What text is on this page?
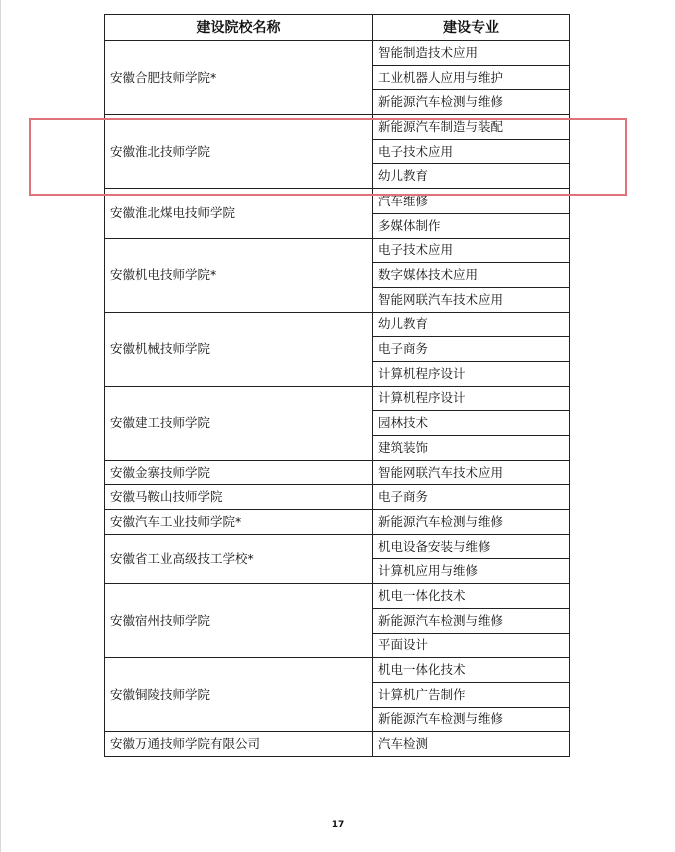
建设院校名称	建设专业
安徽合肥技师学院*	智能制造技术应用
	工业机器人应用与维护
	新能源汽车检测与维修
安徽淮北技师学院	新能源汽车制造与装配
	电子技术应用
	幼儿教育
安徽淮北煤电技师学院	汽车维修
	多媒体制作
安徽机电技师学院*	电子技术应用
	数字媒体技术应用
	智能网联汽车技术应用
安徽机械技师学院	幼儿教育
	电子商务
	计算机程序设计
安徽建工技师学院	计算机程序设计
	园林技术
	建筑装饰
安徽金寨技师学院	智能网联汽车技术应用
安徽马鞍山技师学院	电子商务
安徽汽车工业技师学院*	新能源汽车检测与维修
安徽省工业高级技工学校*	机电设备安装与维修
	计算机应用与维修
安徽宿州技师学院	机电一体化技术
	新能源汽车检测与维修
	平面设计
安徽铜陵技师学院	机电一体化技术
	计算机广告制作
	新能源汽车检测与维修
安徽万通技师学院有限公司	汽车检测
17
